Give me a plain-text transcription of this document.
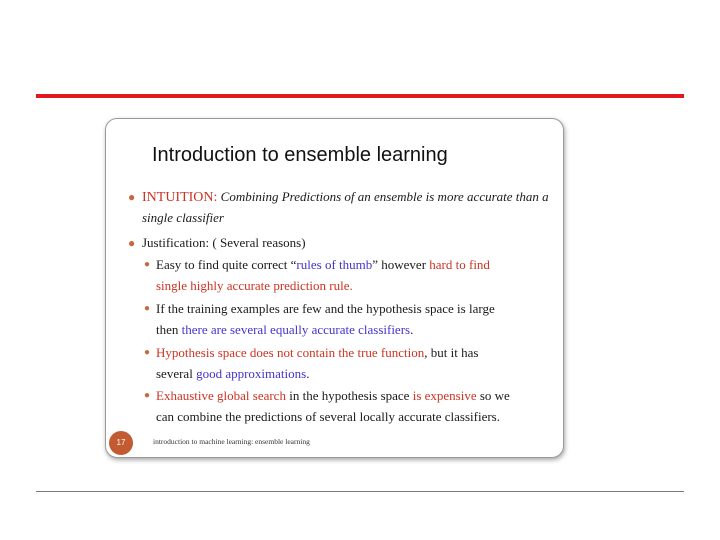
Introduction to ensemble learning
● INTUITION: Combining Predictions of an ensemble is more accurate than a
single classifier
● Justification: ( Several reasons)
● Easy to find quite correct “rules of thumb” however hard to find
single highly accurate prediction rule.
● If the training examples are few and the hypothesis space is large
then there are several equally accurate classifiers.
● Hypothesis space does not contain the true function, but it has
several good approximations.
● Exhaustive global search in the hypothesis space is expensive so we
can combine the predictions of several locally accurate classifiers.
17	introduction to machine learning: ensemble learning
